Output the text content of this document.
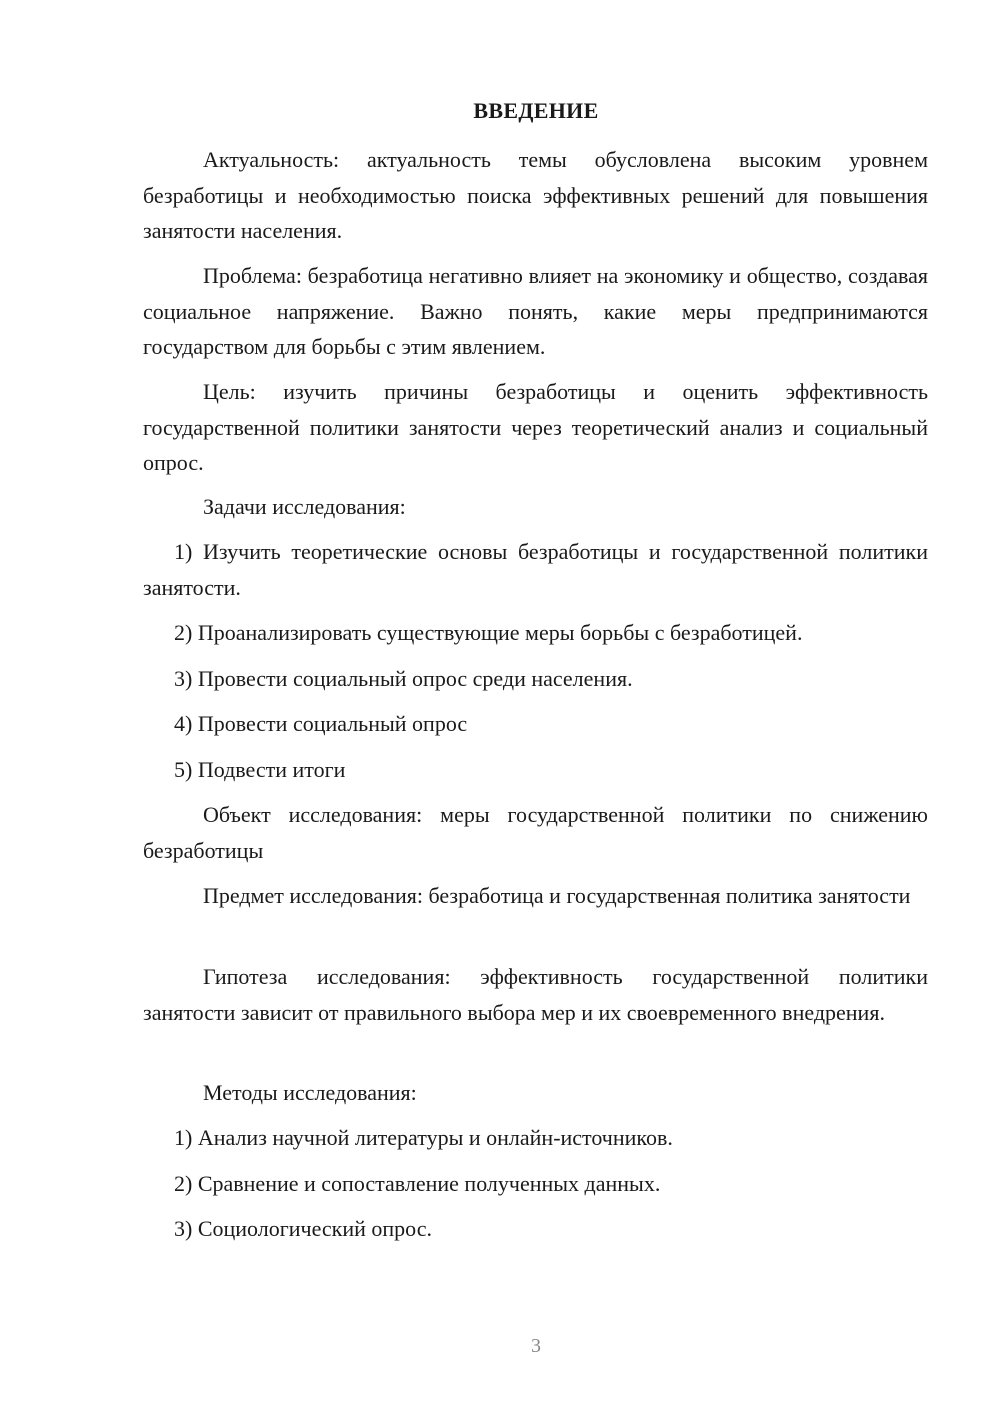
ВВЕДЕНИЕ
Актуальность: актуальность темы обусловлена высоким уровнем безработицы и необходимостью поиска эффективных решений для повышения занятости населения.
Проблема: безработица негативно влияет на экономику и общество, создавая социальное напряжение. Важно понять, какие меры предпринимаются государством для борьбы с этим явлением.
Цель: изучить причины безработицы и оценить эффективность государственной политики занятости через теоретический анализ и социальный опрос.
Задачи исследования:
1) Изучить теоретические основы безработицы и государственной политики занятости.
2) Проанализировать существующие меры борьбы с безработицей.
3) Провести социальный опрос среди населения.
4) Провести социальный опрос
5) Подвести итоги
Объект исследования: меры государственной политики по снижению безработицы
Предмет исследования: безработица и государственная политика занятости
Гипотеза исследования: эффективность государственной политики занятости зависит от правильного выбора мер и их своевременного внедрения.
Методы исследования:
1) Анализ научной литературы и онлайн-источников.
2) Сравнение и сопоставление полученных данных.
3) Социологический опрос.
3
